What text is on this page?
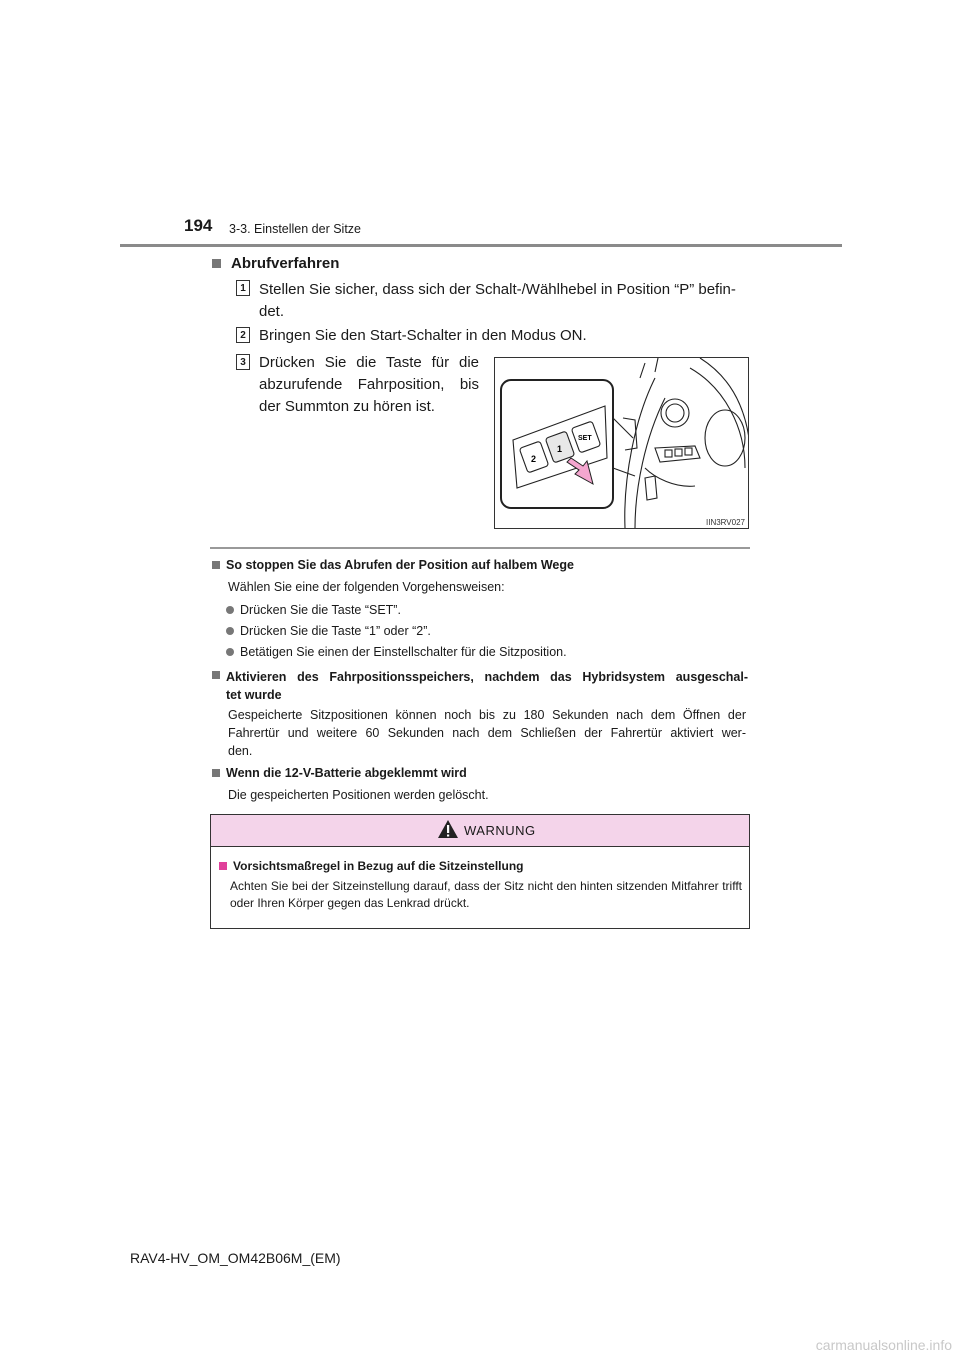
194 3-3. Einstellen der Sitze
Abrufverfahren
1 Stellen Sie sicher, dass sich der Schalt-/Wählhebel in Position “P” befin-
det.
2 Bringen Sie den Start-Schalter in den Modus ON.
3 Drücken Sie die Taste für die
abzurufende Fahrposition, bis
der Summton zu hören ist.
2
1
SET
IIN3RV027
So stoppen Sie das Abrufen der Position auf halbem Wege
Wählen Sie eine der folgenden Vorgehensweisen:
Drücken Sie die Taste “SET”.
Drücken Sie die Taste “1” oder “2”.
Betätigen Sie einen der Einstellschalter für die Sitzposition.
Aktivieren des Fahrpositionsspeichers, nachdem das Hybridsystem ausgeschal-
tet wurde
Gespeicherte Sitzpositionen können noch bis zu 180 Sekunden nach dem Öffnen der
Fahrertür und weitere 60 Sekunden nach dem Schließen der Fahrertür aktiviert wer-
den.
Wenn die 12-V-Batterie abgeklemmt wird
Die gespeicherten Positionen werden gelöscht.
WARNUNG
Vorsichtsmaßregel in Bezug auf die Sitzeinstellung
Achten Sie bei der Sitzeinstellung darauf, dass der Sitz nicht den hinten sitzenden Mitfahrer trifft oder Ihren Körper gegen das Lenkrad drückt.
RAV4-HV_OM_OM42B06M_(EM)
carmanualsonline.info
